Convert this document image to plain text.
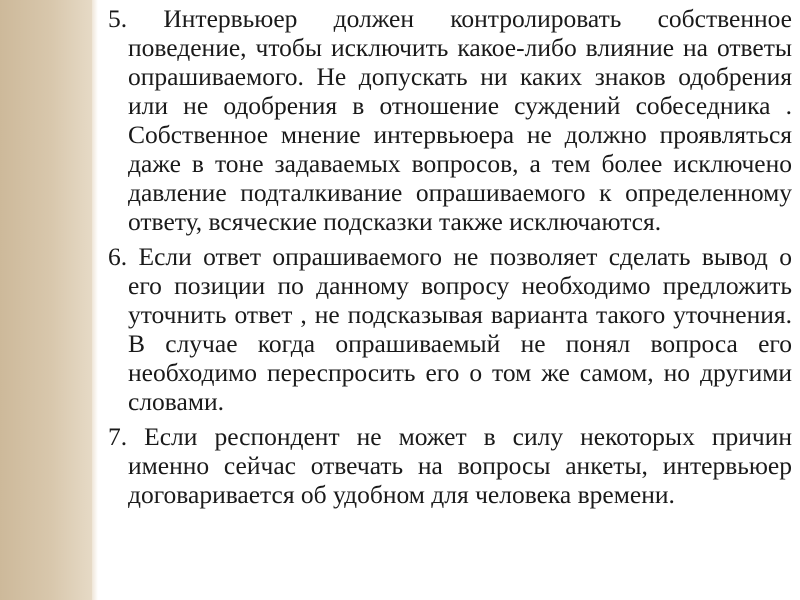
5. Интервьюер должен контролировать собственное поведение, чтобы исключить какое-либо влияние на ответы опрашиваемого. Не допускать ни каких знаков одобрения или не одобрения в отношение суждений собеседника . Собственное мнение интервьюера не должно проявляться даже в тоне задаваемых вопросов, а тем более исключено давление подталкивание опрашиваемого к определенному ответу, всяческие подсказки также исключаются.

6. Если ответ опрашиваемого не позволяет сделать вывод о его позиции по данному вопросу необходимо предложить уточнить ответ , не подсказывая варианта такого уточнения. В случае когда опрашиваемый не понял вопроса его необходимо переспросить его о том же самом, но другими словами.

7. Если респондент не может в силу некоторых причин именно сейчас отвечать на вопросы анкеты, интервьюер договаривается об удобном для человека времени.
